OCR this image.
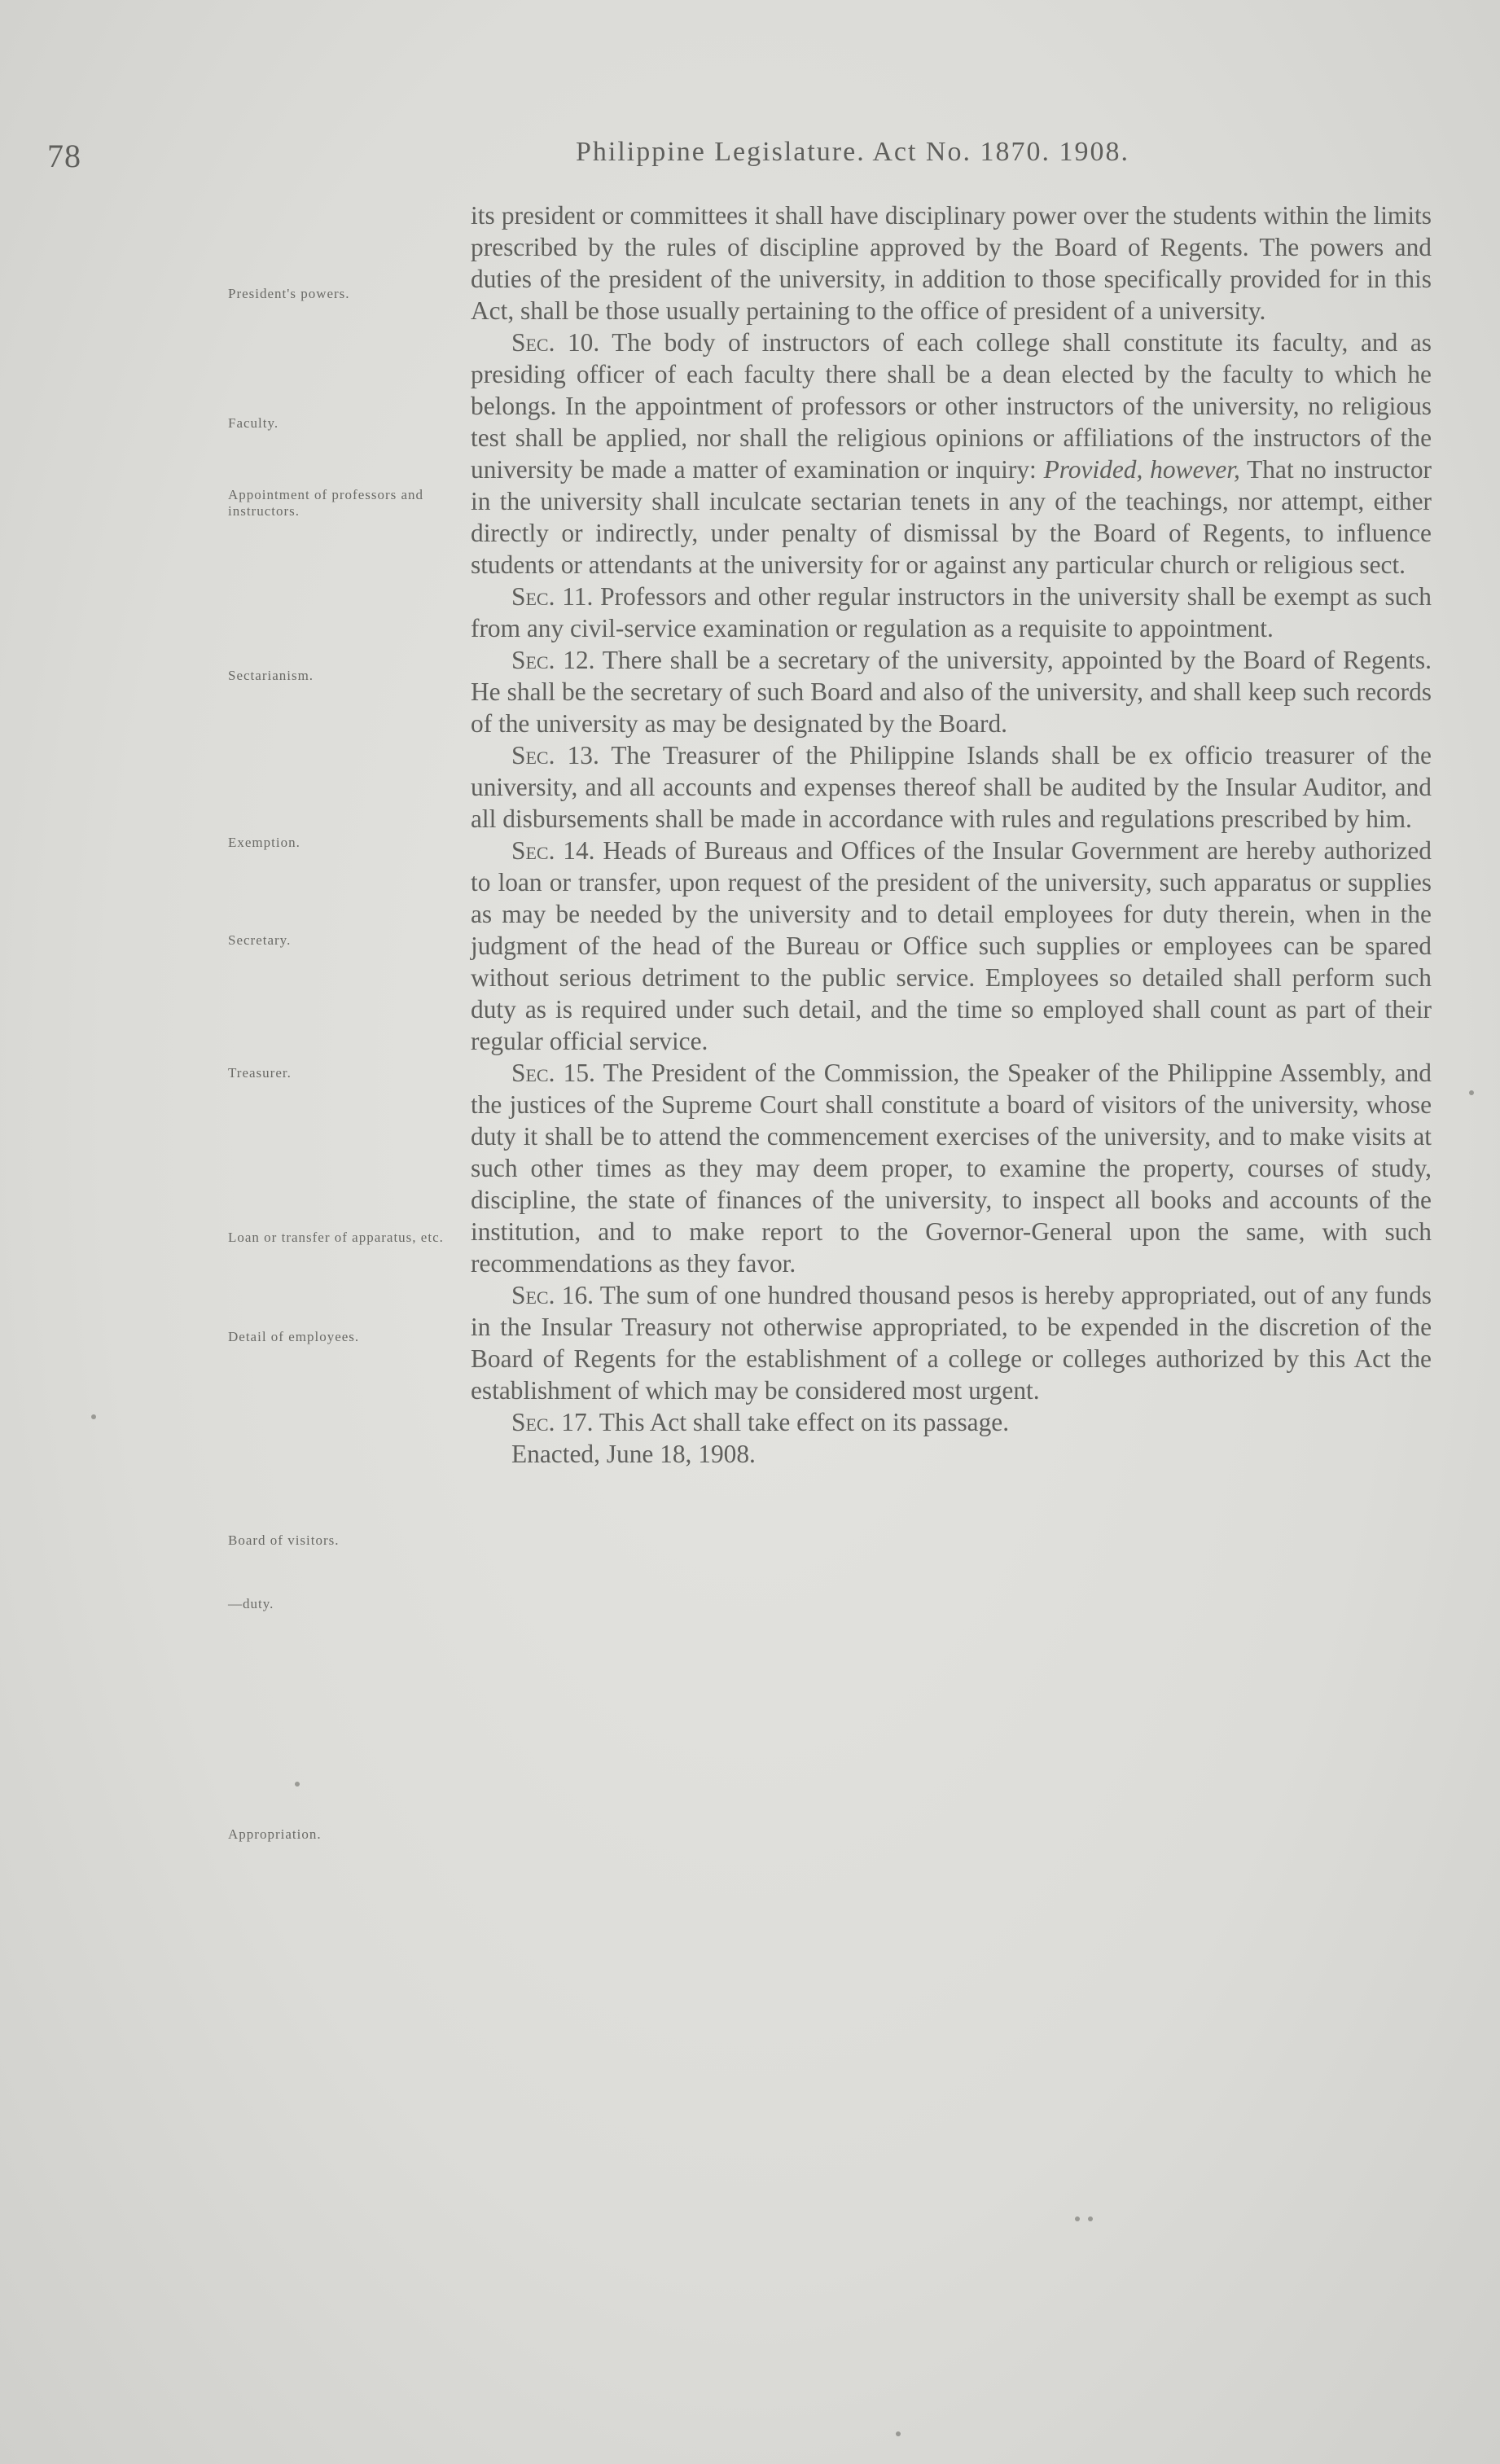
78	Philippine Legislature. Act No. 1870. 1908.
President's powers.
Faculty.
Appointment of professors and instructors.
Sectarianism.
Exemption.
Secretary.
Treasurer.
Loan or transfer of apparatus, etc.
Detail of employees.
Board of visitors.
—duty.
Appropriation.

its president or committees it shall have disciplinary power over the students within the limits prescribed by the rules of discipline approved by the Board of Regents. The powers and duties of the president of the university, in addition to those specifically provided for in this Act, shall be those usually pertaining to the office of president of a university.

Sec. 10. The body of instructors of each college shall constitute its faculty, and as presiding officer of each faculty there shall be a dean elected by the faculty to which he belongs. In the appointment of professors or other instructors of the university, no religious test shall be applied, nor shall the religious opinions or affiliations of the instructors of the university be made a matter of examination or inquiry: Provided, however, That no instructor in the university shall inculcate sectarian tenets in any of the teachings, nor attempt, either directly or indirectly, under penalty of dismissal by the Board of Regents, to influence students or attendants at the university for or against any particular church or religious sect.

Sec. 11. Professors and other regular instructors in the university shall be exempt as such from any civil-service examination or regulation as a requisite to appointment.

Sec. 12. There shall be a secretary of the university, appointed by the Board of Regents. He shall be the secretary of such Board and also of the university, and shall keep such records of the university as may be designated by the Board.

Sec. 13. The Treasurer of the Philippine Islands shall be ex officio treasurer of the university, and all accounts and expenses thereof shall be audited by the Insular Auditor, and all disbursements shall be made in accordance with rules and regulations prescribed by him.

Sec. 14. Heads of Bureaus and Offices of the Insular Government are hereby authorized to loan or transfer, upon request of the president of the university, such apparatus or supplies as may be needed by the university and to detail employees for duty therein, when in the judgment of the head of the Bureau or Office such supplies or employees can be spared without serious detriment to the public service. Employees so detailed shall perform such duty as is required under such detail, and the time so employed shall count as part of their regular official service.

Sec. 15. The President of the Commission, the Speaker of the Philippine Assembly, and the justices of the Supreme Court shall constitute a board of visitors of the university, whose duty it shall be to attend the commencement exercises of the university, and to make visits at such other times as they may deem proper, to examine the property, courses of study, discipline, the state of finances of the university, to inspect all books and accounts of the institution, and to make report to the Governor-General upon the same, with such recommendations as they favor.

Sec. 16. The sum of one hundred thousand pesos is hereby appropriated, out of any funds in the Insular Treasury not otherwise appropriated, to be expended in the discretion of the Board of Regents for the establishment of a college or colleges authorized by this Act the establishment of which may be considered most urgent.

Sec. 17. This Act shall take effect on its passage.

Enacted, June 18, 1908.
